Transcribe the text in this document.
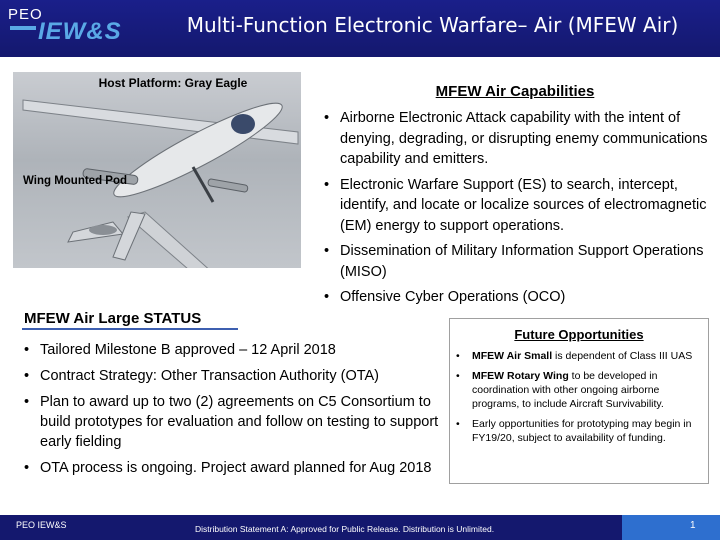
PEO
IEW&S	Multi-Function Electronic Warfare– Air (MFEW Air)
Host Platform: Gray Eagle
Wing Mounted Pod
MFEW Air Capabilities
• Airborne Electronic Attack capability with the intent of denying, degrading, or disrupting enemy communications capability and emitters.
• Electronic Warfare Support (ES) to search, intercept, identify, and locate or localize sources of electromagnetic (EM) energy to support operations.
• Dissemination of Military Information Support Operations (MISO)
• Offensive Cyber Operations (OCO)
MFEW Air Large STATUS
• Tailored Milestone B approved – 12 April 2018
• Contract Strategy: Other Transaction Authority (OTA)
• Plan to award up to two (2) agreements on C5 Consortium to build prototypes for evaluation and follow on testing to support early fielding
• OTA process is ongoing. Project award planned for Aug 2018
Future Opportunities
• MFEW Air Small is dependent of Class III UAS
• MFEW Rotary Wing to be developed in coordination with other ongoing airborne programs, to include Aircraft Survivability.
• Early opportunities for prototyping may begin in FY19/20, subject to availability of funding.
PEO IEW&S	Distribution Statement A: Approved for Public Release. Distribution is Unlimited.	1
